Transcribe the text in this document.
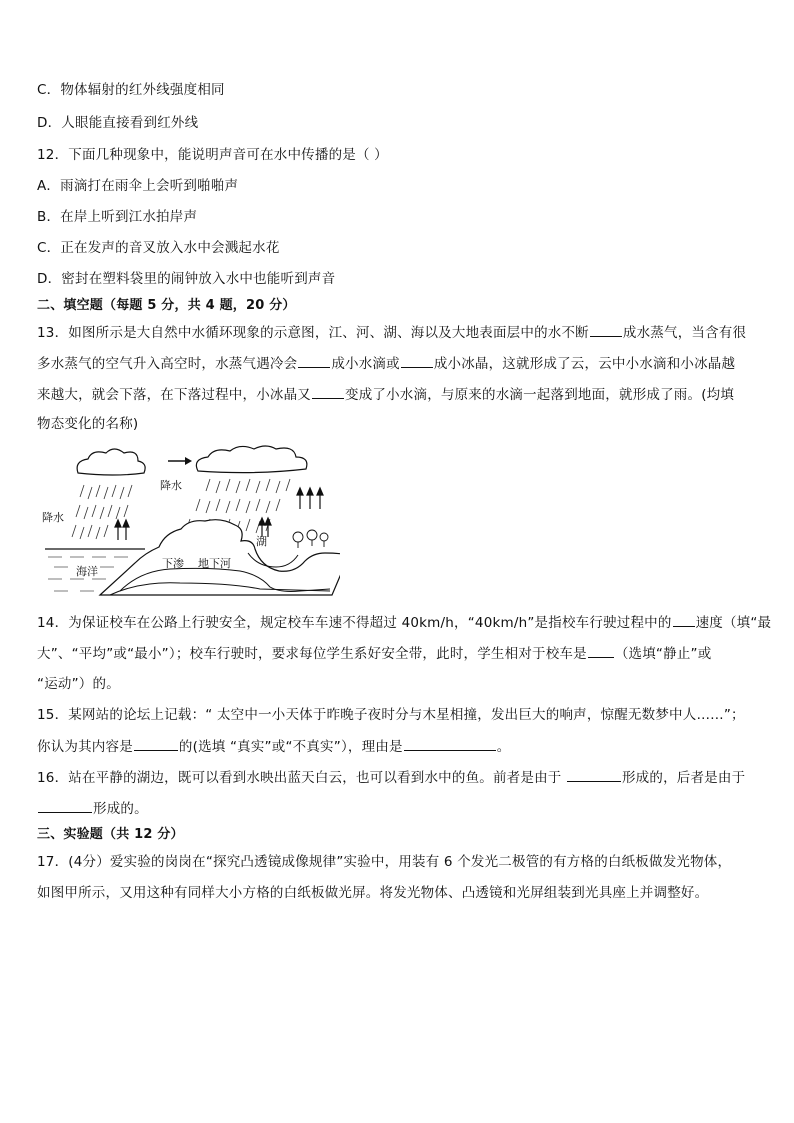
C．物体辐射的红外线强度相同
D．人眼能直接看到红外线
12．下面几种现象中，能说明声音可在水中传播的是（ ）
A．雨滴打在雨伞上会听到啪啪声
B．在岸上听到江水拍岸声
C．正在发声的音叉放入水中会溅起水花
D．密封在塑料袋里的闹钟放入水中也能听到声音
二、填空题（每题 5 分，共 4 题，20 分）
13．如图所示是大自然中水循环现象的示意图，江、河、湖、海以及大地表面层中的水不断	成水蒸气，当含有很
多水蒸气的空气升入高空时，水蒸气遇冷会	成小水滴或	成小冰晶，这就形成了云，云中小水滴和小冰晶越
来越大，就会下落，在下落过程中，小冰晶又	变成了小水滴，与原来的水滴一起落到地面，就形成了雨。(均填
物态变化的名称)
降水
降水
湖
海洋
下渗 地下河
14．为保证校车在公路上行驶安全，规定校车车速不得超过 40km/h，“40km/h”是指校车行驶过程中的 速度（填“最
大”、“平均”或“最小”）；校车行驶时，要求每位学生系好安全带，此时，学生相对于校车是 （选填“静止”或
“运动”）的。
15．某网站的论坛上记载：“ 太空中一小天体于昨晚子夜时分与木星相撞，发出巨大的响声，惊醒无数梦中人……”；
你认为其内容是	的(选填 “真实”或“不真实”），理由是	。
16．站在平静的湖边，既可以看到水映出蓝天白云，也可以看到水中的鱼。前者是由于	形成的，后者是由于
形成的。
三、实验题（共 12 分）
17．(4分）爱实验的岗岗在“探究凸透镜成像规律”实验中，用装有 6 个发光二极管的有方格的白纸板做发光物体，
如图甲所示，又用这种有同样大小方格的白纸板做光屏。将发光物体、凸透镜和光屏组装到光具座上并调整好。
